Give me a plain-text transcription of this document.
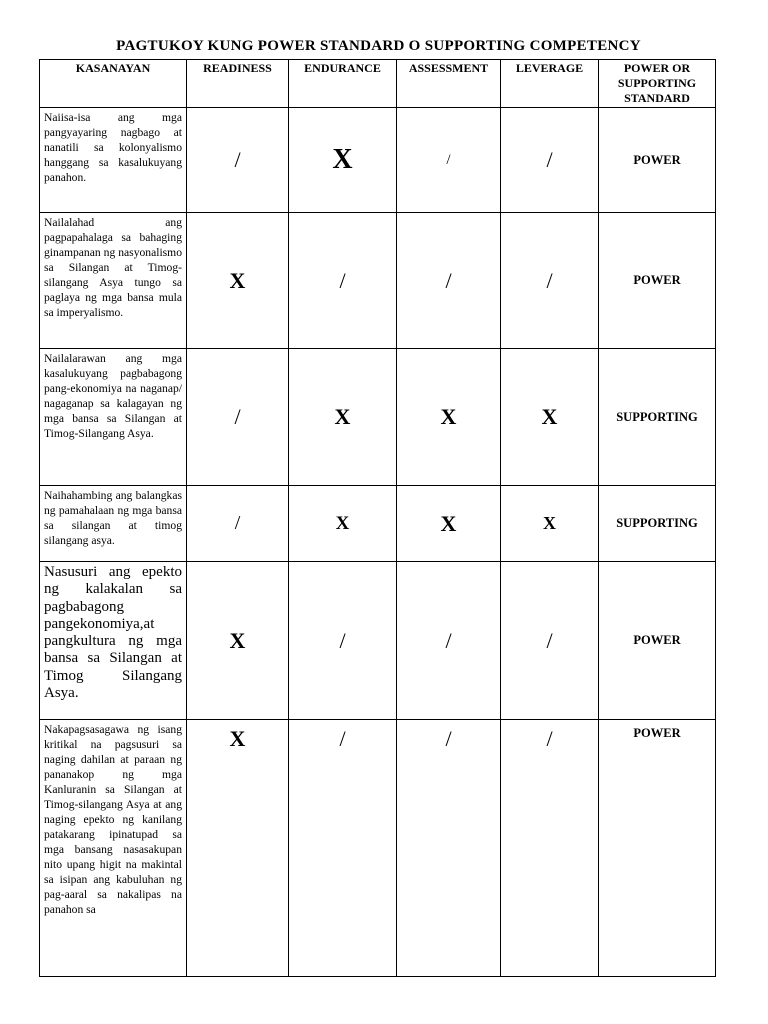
PAGTUKOY KUNG POWER STANDARD O SUPPORTING COMPETENCY
KASANAYAN	READINESS	ENDURANCE	ASSESSMENT	LEVERAGE	POWER OR SUPPORTING STANDARD
Naiisa-isa ang mga pangyayaring nagbago at nanatili sa kolonyalismo hanggang sa kasalukuyang panahon.	/	X	/	/	POWER
Nailalahad ang pagpapahalaga sa bahaging ginampanan ng nasyonalismo sa Silangan at Timog-silangang Asya tungo sa paglaya ng mga bansa mula sa imperyalismo.	X	/	/	/	POWER
Nailalarawan ang mga kasalukuyang pagbabagong pang-ekonomiya na naganap/ nagaganap sa kalagayan ng mga bansa sa Silangan at Timog-Silangang Asya.	/	X	X	X	SUPPORTING
Naihahambing ang balangkas ng pamahalaan ng mga bansa sa silangan at timog silangang asya.	/	X	X	X	SUPPORTING
Nasusuri ang epekto ng kalakalan sa pagbabagong pangekonomiya,at pangkultura ng mga bansa sa Silangan at Timog Silangang Asya.	X	/	/	/	POWER

Nakapagsasagawa ng isang kritikal na pagsusuri sa naging dahilan at paraan ng pananakop ng mga Kanluranin sa Silangan at Timog-silangang Asya at ang naging epekto ng kanilang patakarang ipinatupad sa mga bansang nasasakupan nito upang higit na makintal sa isipan ang kabuluhan ng pag-aaral sa nakalipas na panahon sa	X	/	/	/	POWER
